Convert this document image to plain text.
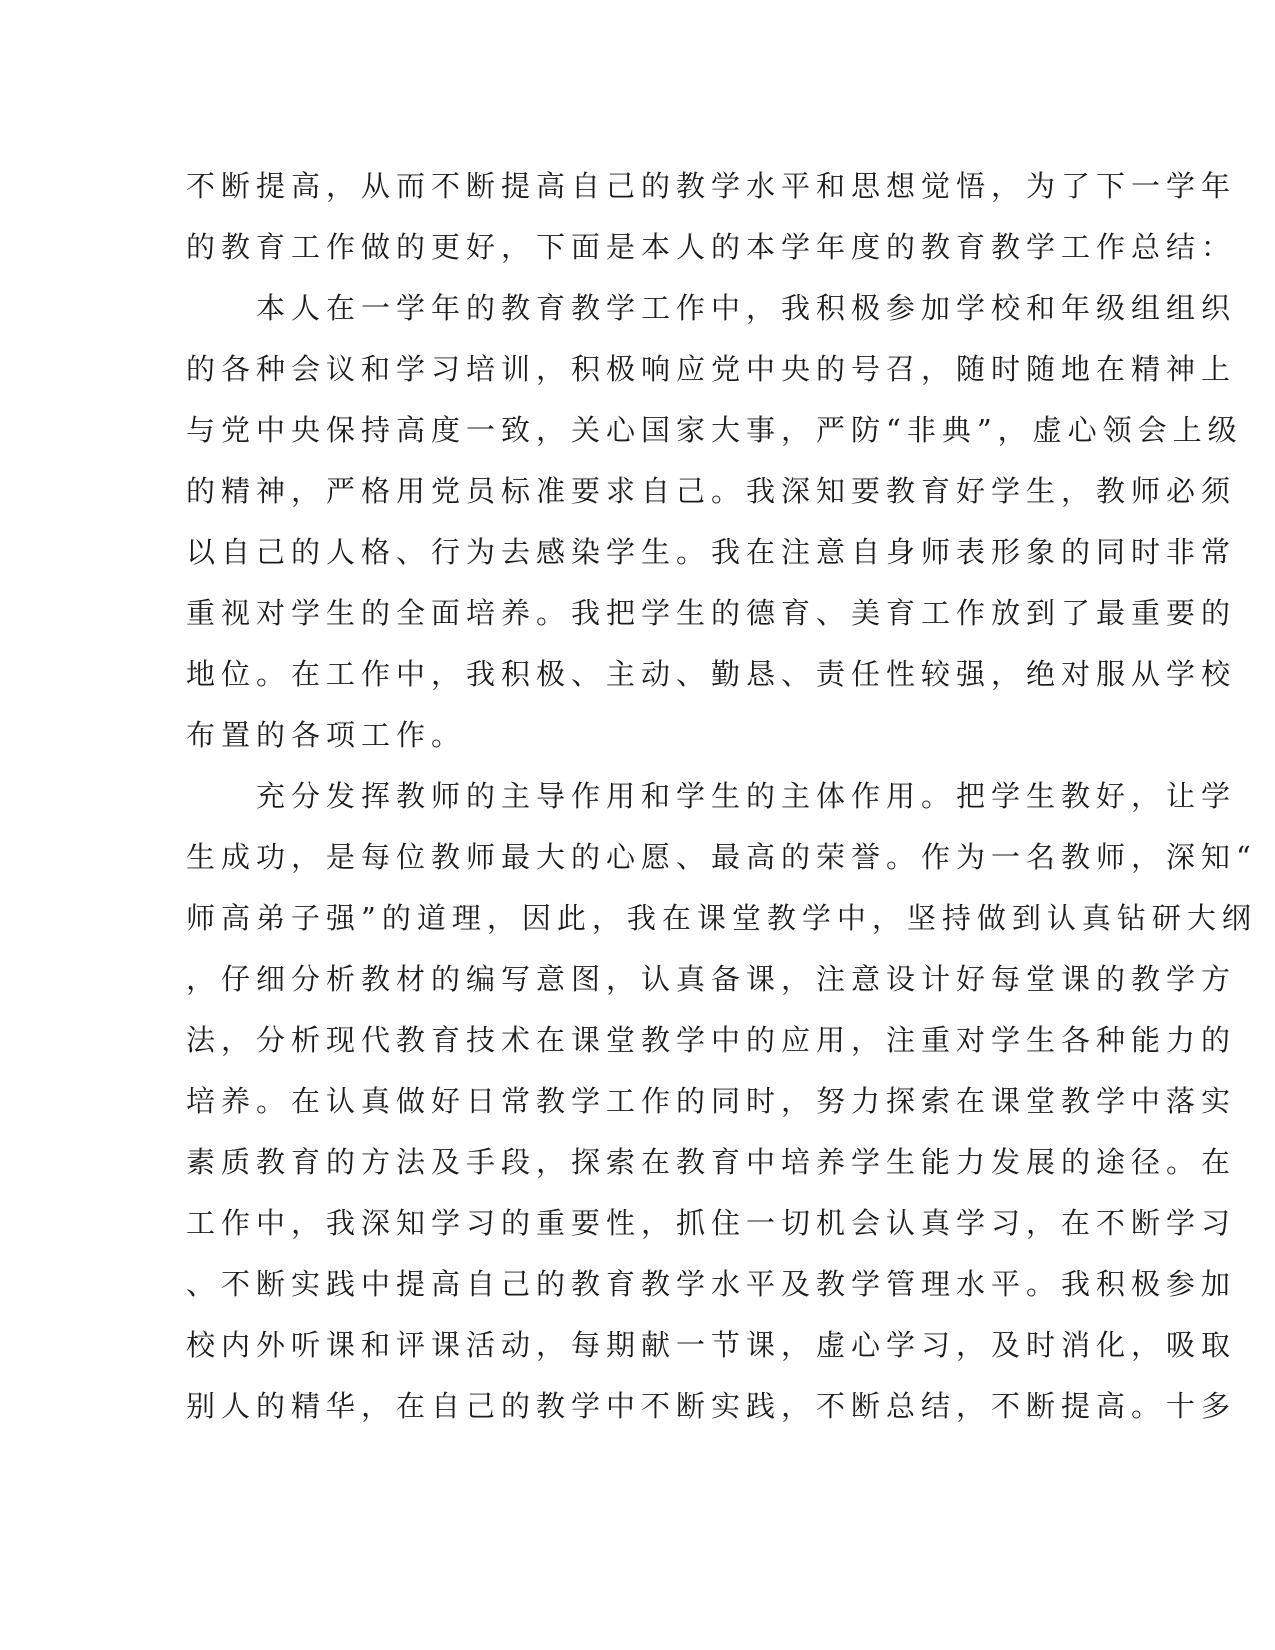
不断提高，从而不断提高自己的教学水平和思想觉悟，为了下一学年
的教育工作做的更好，下面是本人的本学年度的教育教学工作总结：
　　本人在一学年的教育教学工作中，我积极参加学校和年级组组织
的各种会议和学习培训，积极响应党中央的号召，随时随地在精神上
与党中央保持高度一致，关心国家大事，严防“非典”，虚心领会上级
的精神，严格用党员标准要求自己。我深知要教育好学生，教师必须
以自己的人格、行为去感染学生。我在注意自身师表形象的同时非常
重视对学生的全面培养。我把学生的德育、美育工作放到了最重要的
地位。在工作中，我积极、主动、勤恳、责任性较强，绝对服从学校
布置的各项工作。
　　充分发挥教师的主导作用和学生的主体作用。把学生教好，让学
生成功，是每位教师最大的心愿、最高的荣誉。作为一名教师，深知“
师高弟子强”的道理，因此，我在课堂教学中，坚持做到认真钻研大纲
，仔细分析教材的编写意图，认真备课，注意设计好每堂课的教学方
法，分析现代教育技术在课堂教学中的应用，注重对学生各种能力的
培养。在认真做好日常教学工作的同时，努力探索在课堂教学中落实
素质教育的方法及手段，探索在教育中培养学生能力发展的途径。在
工作中，我深知学习的重要性，抓住一切机会认真学习，在不断学习
、不断实践中提高自己的教育教学水平及教学管理水平。我积极参加
校内外听课和评课活动，每期献一节课，虚心学习，及时消化，吸取
别人的精华，在自己的教学中不断实践，不断总结，不断提高。十多
